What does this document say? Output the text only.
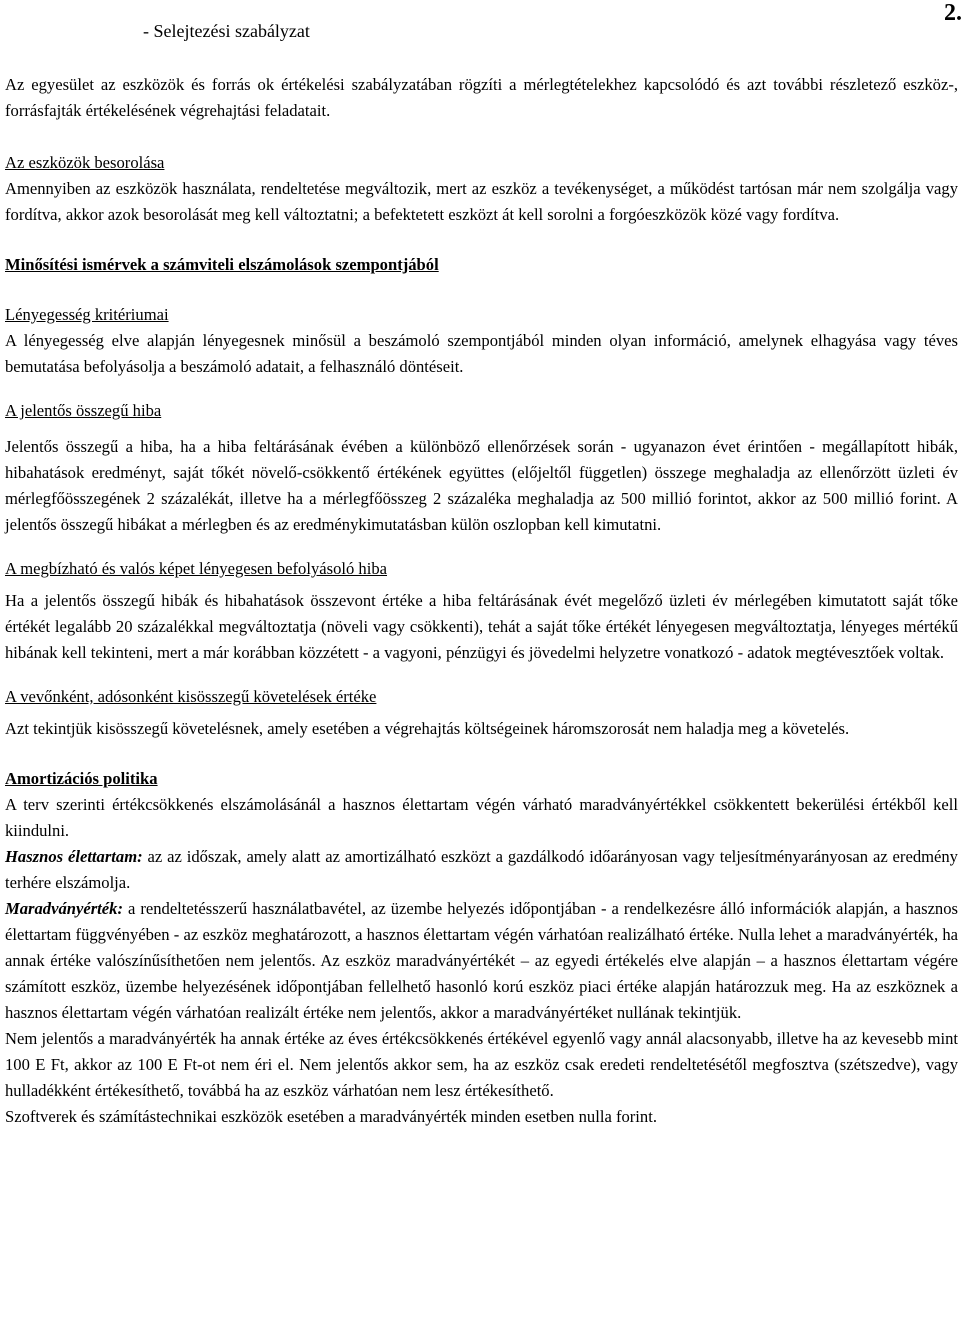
- Selejtezési szabályzat
2.

Az egyesület az eszközök és forrás ok értékelési szabályzatában rögzíti a mérlegtételekhez kapcsolódó és azt további részletező eszköz-, forrásfajták értékelésének végrehajtási feladatait.

Az eszközök besorolása

Amennyiben az eszközök használata, rendeltetése megváltozik, mert az eszköz a tevékenységet, a működést tartósan már nem szolgálja vagy fordítva, akkor azok besorolását meg kell változtatni; a befektetett eszközt át kell sorolni a forgóeszközök közé vagy fordítva.

Minősítési ismérvek a számviteli elszámolások szempontjából

Lényegesség kritériumai

A lényegesség elve alapján lényegesnek minősül a beszámoló szempontjából minden olyan információ, amelynek elhagyása vagy téves bemutatása befolyásolja a beszámoló adatait, a felhasználó döntéseit.

A jelentős összegű hiba

Jelentős összegű a hiba, ha a hiba feltárásának évében a különböző ellenőrzések során - ugyanazon évet érintően - megállapított hibák, hibahatások eredményt, saját tőkét növelő-csökkentő értékének együttes (előjeltől független) összege meghaladja az ellenőrzött üzleti év mérlegfőösszegének 2 százalékát, illetve ha a mérlegfőösszeg 2 százaléka meghaladja az 500 millió forintot, akkor az 500 millió forint. A jelentős összegű hibákat a mérlegben és az eredménykimutatásban külön oszlopban kell kimutatni.

A megbízható és valós képet lényegesen befolyásoló hiba

Ha a jelentős összegű hibák és hibahatások összevont értéke a hiba feltárásának évét megelőző üzleti év mérlegében kimutatott saját tőke értékét legalább 20 százalékkal megváltoztatja (növeli vagy csökkenti), tehát a saját tőke értékét lényegesen megváltoztatja, lényeges mértékű hibának kell tekinteni, mert a már korábban közzétett - a vagyoni, pénzügyi és jövedelmi helyzetre vonatkozó - adatok megtévesztőek voltak.

A vevőnként, adósonként kisösszegű követelések értéke

Azt tekintjük kisösszegű követelésnek, amely esetében a végrehajtás költségeinek háromszorosát nem haladja meg a követelés.

Amortizációs politika

A terv szerinti értékcsökkenés elszámolásánál a hasznos élettartam végén várható maradványértékkel csökkentett bekerülési értékből kell kiindulni.

Hasznos élettartam: az az időszak, amely alatt az amortizálható eszközt a gazdálkodó időarányosan vagy teljesítményarányosan az eredmény terhére elszámolja.

Maradványérték: a rendeltetésszerű használatbavétel, az üzembe helyezés időpontjában - a rendelkezésre álló információk alapján, a hasznos élettartam függvényében - az eszköz meghatározott, a hasznos élettartam végén várhatóan realizálható értéke. Nulla lehet a maradványérték, ha annak értéke valószínűsíthetően nem jelentős. Az eszköz maradványértékét – az egyedi értékelés elve alapján – a hasznos élettartam végére számított eszköz, üzembe helyezésének időpontjában fellelhető hasonló korú eszköz piaci értéke alapján határozzuk meg. Ha az eszköznek a hasznos élettartam végén várhatóan realizált értéke nem jelentős, akkor a maradványértéket nullának tekintjük.

Nem jelentős a maradványérték ha annak értéke az éves értékcsökkenés értékével egyenlő vagy annál alacsonyabb, illetve ha az kevesebb mint 100 E Ft, akkor az 100 E Ft-ot nem éri el. Nem jelentős akkor sem, ha az eszköz csak eredeti rendeltetésétől megfosztva (szétszedve), vagy hulladékként értékesíthető, továbbá ha az eszköz várhatóan nem lesz értékesíthető.

Szoftverek és számítástechnikai eszközök esetében a maradványérték minden esetben nulla forint.
